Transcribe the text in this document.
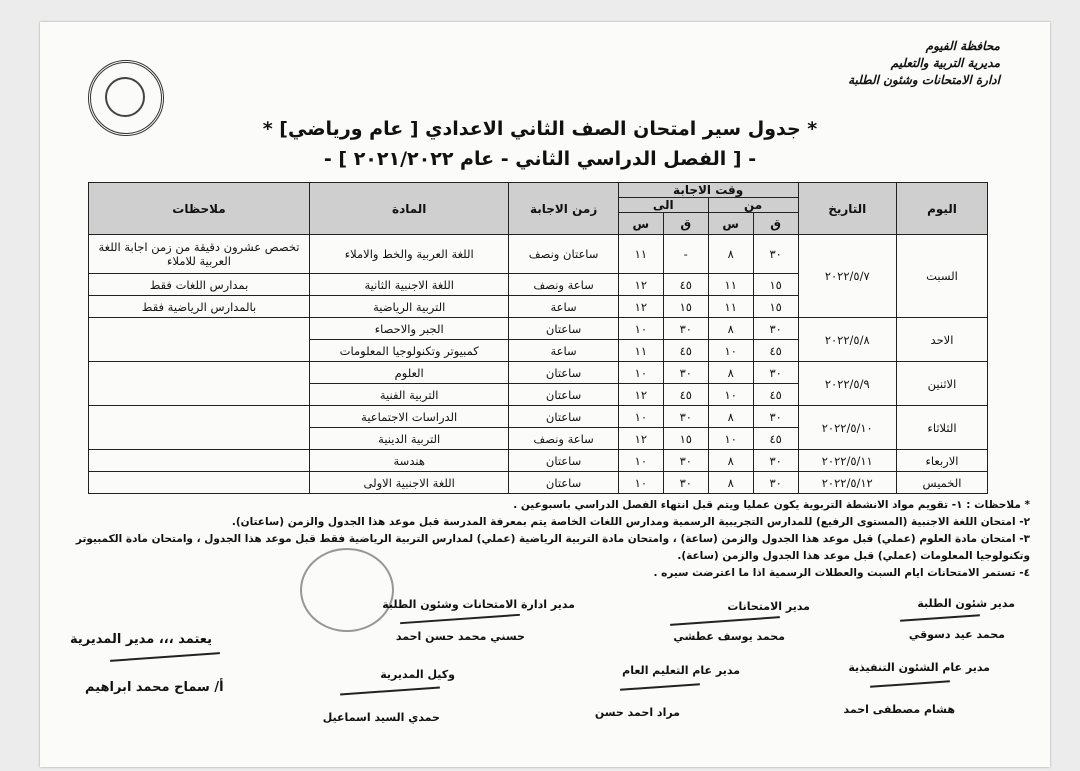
محافظة الفيوم
مديرية التربية والتعليم
ادارة الامتحانات وشئون الطلبة
* جدول سير امتحان الصف الثاني الاعدادي [ عام ورياضي] *
- [ الفصل الدراسي الثاني - عام ٢٠٢١/٢٠٢٢ ] -
اليوم	التاريخ	وقت الاجابة				زمن الاجابة	المادة	ملاحظات
		من		الى				
		ق	س	ق	س			
السبت	٢٠٢٢/٥/٧	٣٠	٨	-	١١	ساعتان ونصف	اللغة العربية والخط والاملاء	تخصص عشرون دقيقة من زمن اجابة اللغة العربية للاملاء
		١٥	١١	٤٥	١٢	ساعة ونصف	اللغة الاجنبية الثانية	بمدارس اللغات فقط
		١٥	١١	١٥	١٢	ساعة	التربية الرياضية	بالمدارس الرياضية فقط
الاحد	٢٠٢٢/٥/٨	٣٠	٨	٣٠	١٠	ساعتان	الجبر والاحصاء	
		٤٥	١٠	٤٥	١١	ساعة	كمبيوتر وتكنولوجيا المعلومات	
الاثنين	٢٠٢٢/٥/٩	٣٠	٨	٣٠	١٠	ساعتان	العلوم	
		٤٥	١٠	٤٥	١٢	ساعتان	التربية الفنية	
الثلاثاء	٢٠٢٢/٥/١٠	٣٠	٨	٣٠	١٠	ساعتان	الدراسات الاجتماعية	
		٤٥	١٠	١٥	١٢	ساعة ونصف	التربية الدينية	
الاربعاء	٢٠٢٢/٥/١١	٣٠	٨	٣٠	١٠	ساعتان	هندسة	
الخميس	٢٠٢٢/٥/١٢	٣٠	٨	٣٠	١٠	ساعتان	اللغة الاجنبية الاولى	
* ملاحظات : ١- تقويم مواد الانشطة التربوية يكون عمليا ويتم قبل انتهاء الفصل الدراسي باسبوعين .
٢- امتحان اللغة الاجنبية (المستوى الرفيع) للمدارس التجريبية الرسمية ومدارس اللغات الخاصة يتم بمعرفة المدرسة قبل موعد هذا الجدول والزمن (ساعتان).
٣- امتحان مادة العلوم (عملي) قبل موعد هذا الجدول والزمن (ساعة) ، وامتحان مادة التربية الرياضية (عملي) لمدارس التربية الرياضية فقط قبل موعد هذا الجدول ، وامتحان مادة الكمبيوتر
وتكنولوجيا المعلومات (عملي) قبل موعد هذا الجدول والزمن (ساعة).
٤- تستمر الامتحانات ايام السبت والعطلات الرسمية اذا ما اعترضت سيره .
مدير شئون الطلبة
محمد عيد دسوقي
مدير الامتحانات
محمد يوسف عطشي
مدير ادارة الامتحانات وشئون الطلبة
حسني محمد حسن احمد
يعتمد ،،، مدير المديرية
أ/ سماح محمد ابراهيم
مدير عام الشئون التنفيذية
هشام مصطفى احمد
مدير عام التعليم العام
مراد احمد حسن
وكيل المديرية
حمدي السيد اسماعيل
